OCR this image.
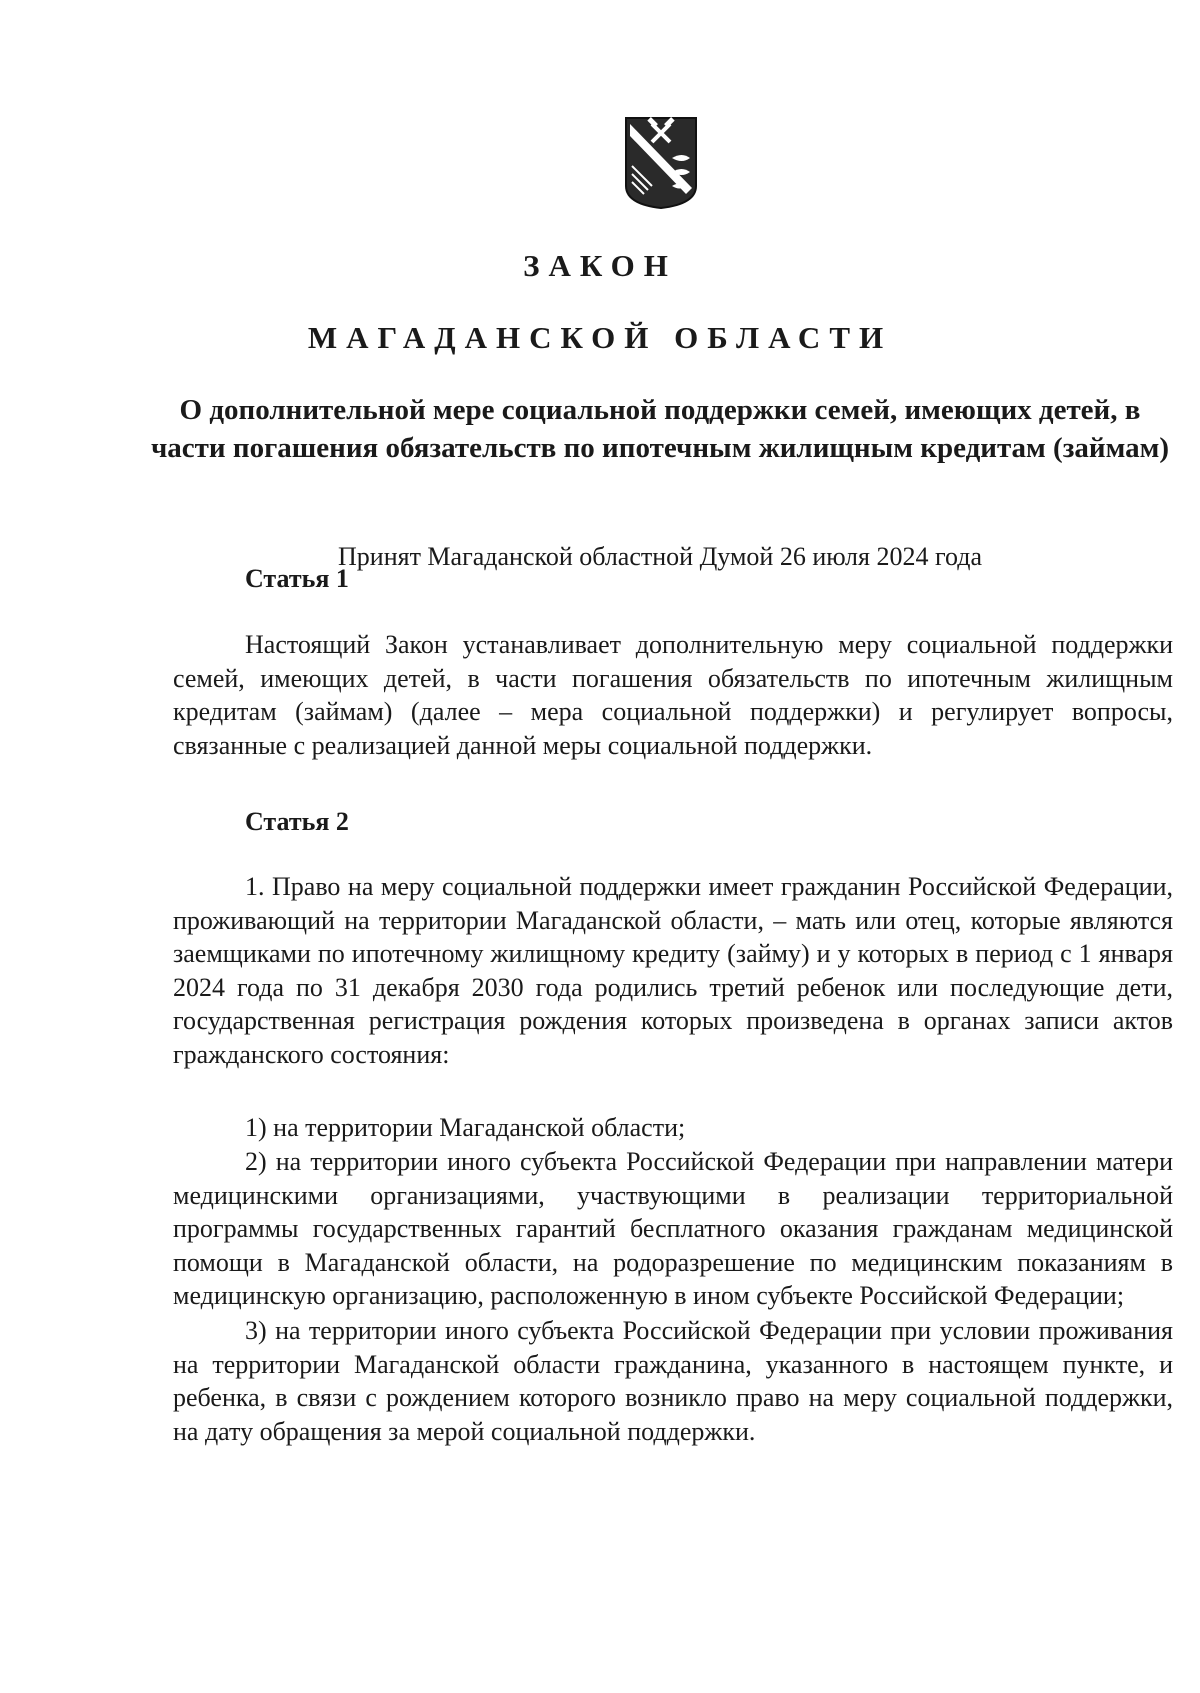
ЗАКОН
МАГАДАНСКОЙ ОБЛАСТИ
О дополнительной мере социальной поддержки семей, имеющих детей, в части погашения обязательств по ипотечным жилищным кредитам (займам)
Принят Магаданской областной Думой 26 июля 2024 года
Статья 1

Настоящий Закон устанавливает дополнительную меру социальной поддержки семей, имеющих детей, в части погашения обязательств по ипотечным жилищным кредитам (займам) (далее – мера социальной поддержки) и регулирует вопросы, связанные с реализацией данной меры социальной поддержки.

Статья 2

1. Право на меру социальной поддержки имеет гражданин Российской Федерации, проживающий на территории Магаданской области, – мать или отец, которые являются заемщиками по ипотечному жилищному кредиту (займу) и у которых в период с 1 января 2024 года по 31 декабря 2030 года родились третий ребенок или последующие дети, государственная регистрация рождения которых произведена в органах записи актов гражданского состояния:

1) на территории Магаданской области;

2) на территории иного субъекта Российской Федерации при направлении матери медицинскими организациями, участвующими в реализации территориальной программы государственных гарантий бесплатного оказания гражданам медицинской помощи в Магаданской области, на родоразрешение по медицинским показаниям в медицинскую организацию, расположенную в ином субъекте Российской Федерации;

3) на территории иного субъекта Российской Федерации при условии проживания на территории Магаданской области гражданина, указанного в настоящем пункте, и ребенка, в связи с рождением которого возникло право на меру социальной поддержки, на дату обращения за мерой социальной поддержки.
